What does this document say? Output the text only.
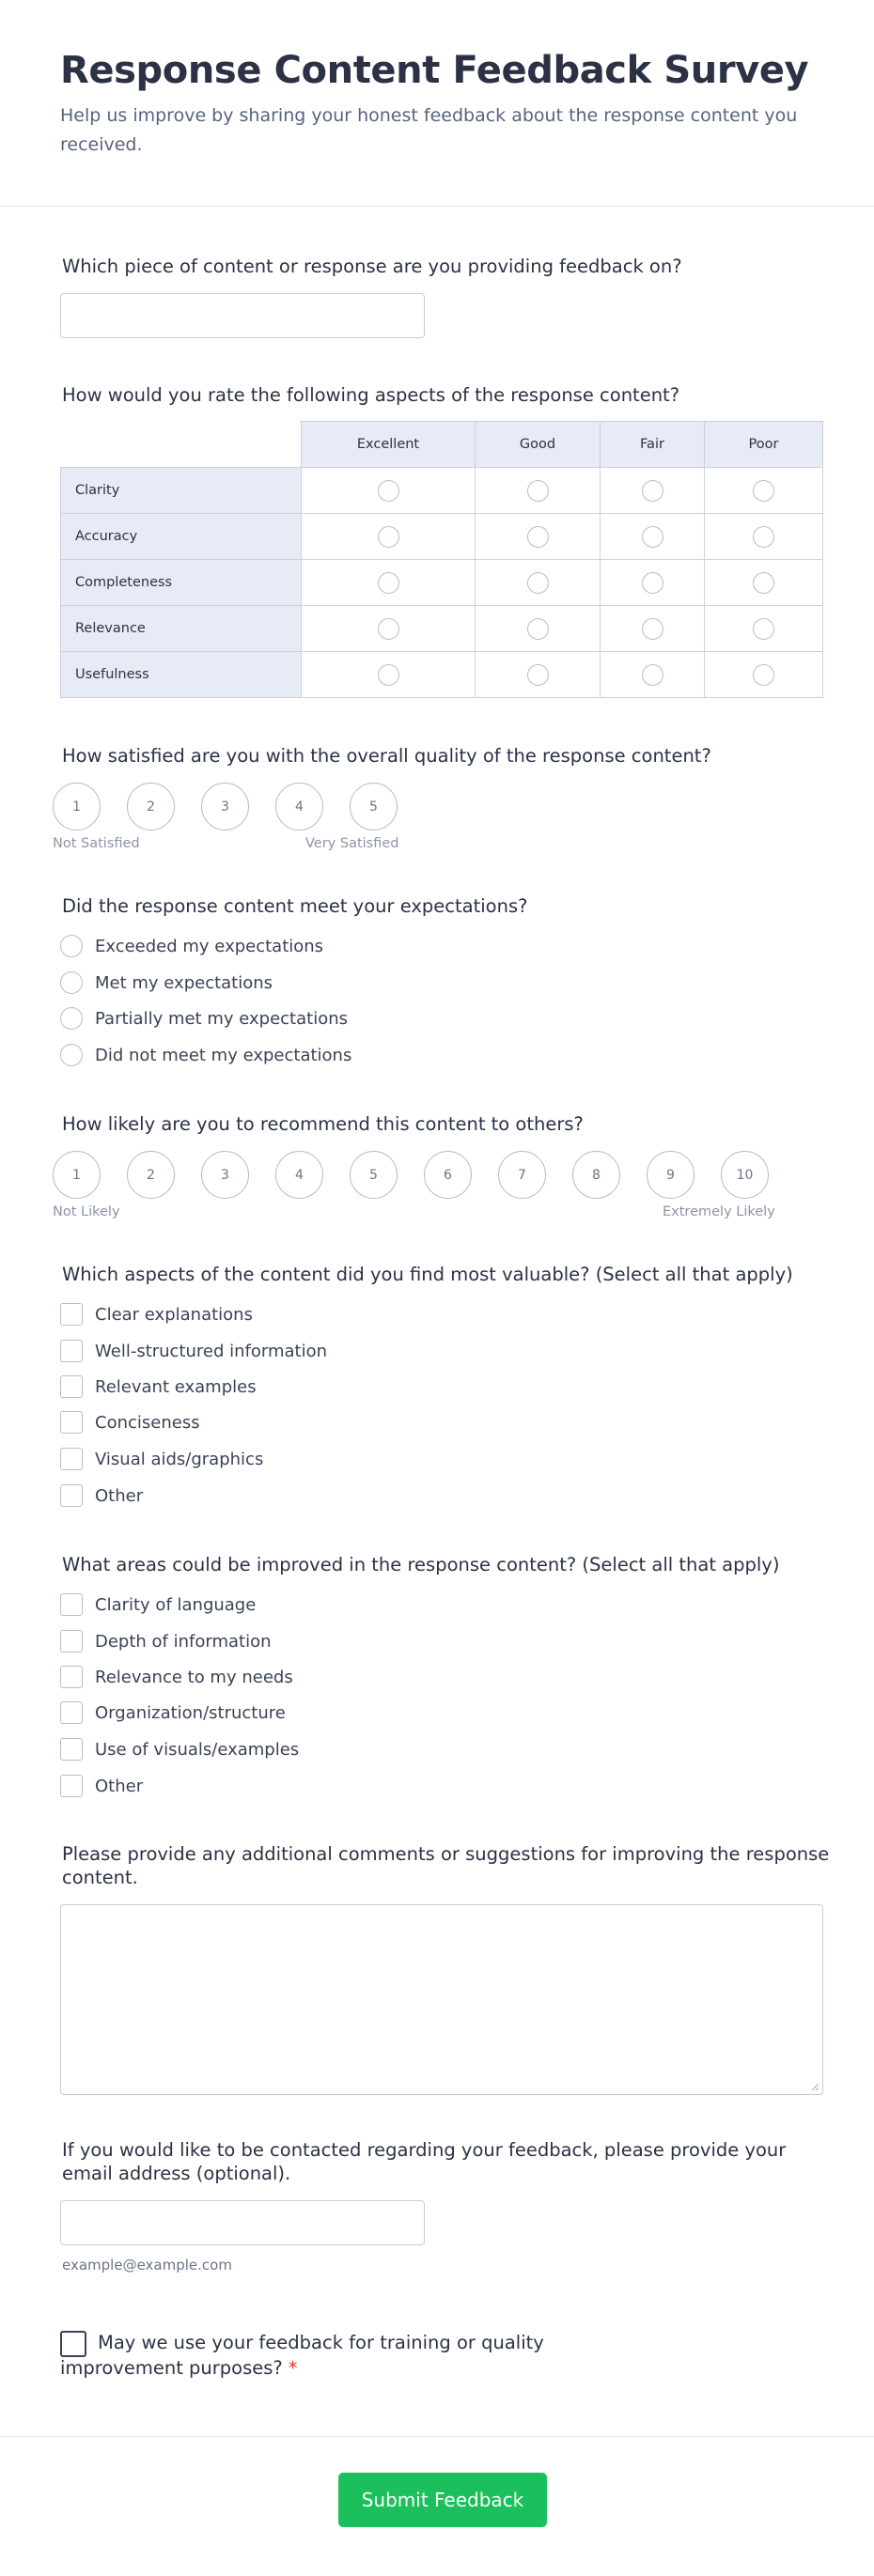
Response Content Feedback Survey

Help us improve by sharing your honest feedback about the response content you received.

Which piece of content or response are you providing feedback on?
How would you rate the following aspects of the response content?
Excellent	Good	Fair	Poor
Clarity
Accuracy
Completeness
Relevance
Usefulness
How satisfied are you with the overall quality of the response content?
1	2	3	4	5
Not Satisfied	Very Satisfied
Did the response content meet your expectations?
Exceeded my expectations
Met my expectations
Partially met my expectations
Did not meet my expectations
How likely are you to recommend this content to others?
1	2	3	4	5	6	7	8	9	10
Not Likely	Extremely Likely
Which aspects of the content did you find most valuable? (Select all that apply)
Clear explanations
Well-structured information
Relevant examples
Conciseness
Visual aids/graphics
Other
What areas could be improved in the response content? (Select all that apply)
Clarity of language
Depth of information
Relevance to my needs
Organization/structure
Use of visuals/examples
Other
Please provide any additional comments or suggestions for improving the response content.
If you would like to be contacted regarding your feedback, please provide your email address (optional).
example@example.com
May we use your feedback for training or quality improvement purposes? *
Submit Feedback
